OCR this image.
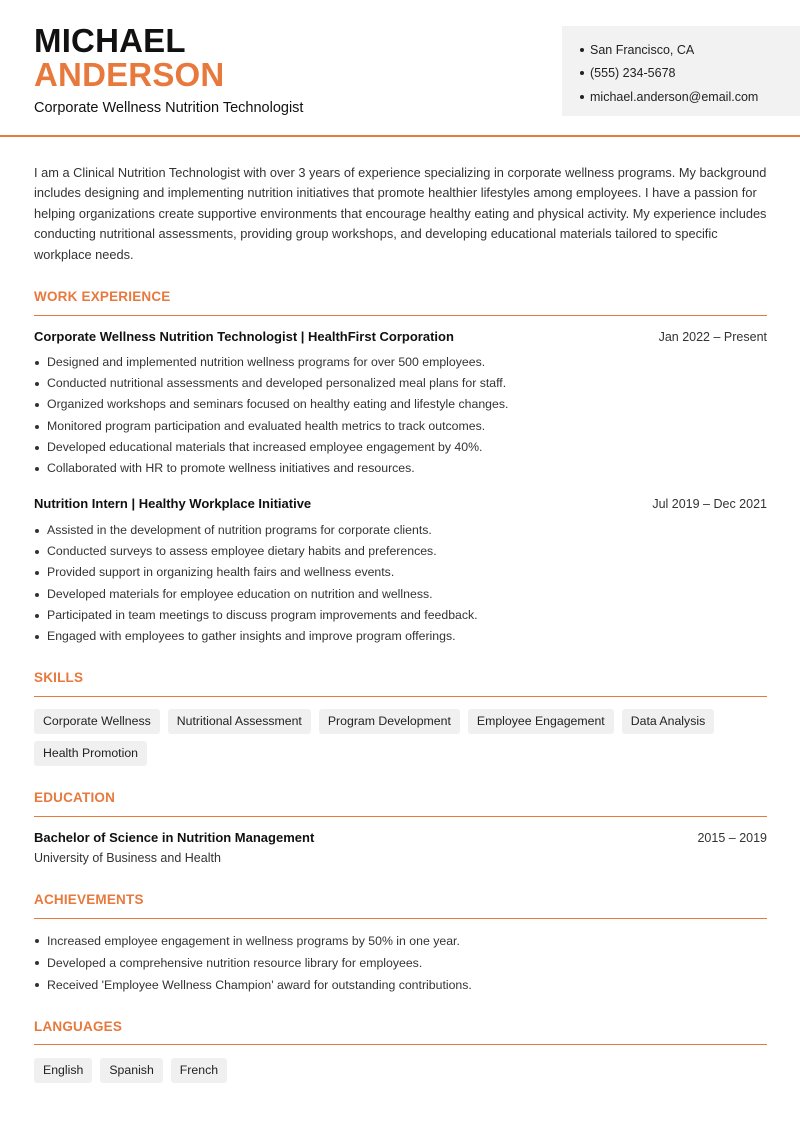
MICHAEL
ANDERSON
Corporate Wellness Nutrition Technologist
San Francisco, CA
(555) 234-5678
michael.anderson@email.com

I am a Clinical Nutrition Technologist with over 3 years of experience specializing in corporate wellness programs. My background includes designing and implementing nutrition initiatives that promote healthier lifestyles among employees. I have a passion for helping organizations create supportive environments that encourage healthy eating and physical activity. My experience includes conducting nutritional assessments, providing group workshops, and developing educational materials tailored to specific workplace needs.

WORK EXPERIENCE
Corporate Wellness Nutrition Technologist | HealthFirst Corporation	Jan 2022 – Present
Designed and implemented nutrition wellness programs for over 500 employees.
Conducted nutritional assessments and developed personalized meal plans for staff.
Organized workshops and seminars focused on healthy eating and lifestyle changes.
Monitored program participation and evaluated health metrics to track outcomes.
Developed educational materials that increased employee engagement by 40%.
Collaborated with HR to promote wellness initiatives and resources.
Nutrition Intern | Healthy Workplace Initiative	Jul 2019 – Dec 2021
Assisted in the development of nutrition programs for corporate clients.
Conducted surveys to assess employee dietary habits and preferences.
Provided support in organizing health fairs and wellness events.
Developed materials for employee education on nutrition and wellness.
Participated in team meetings to discuss program improvements and feedback.
Engaged with employees to gather insights and improve program offerings.
SKILLS
Corporate Wellness	Nutritional Assessment	Program Development	Employee Engagement	Data Analysis
Health Promotion
EDUCATION
Bachelor of Science in Nutrition Management	2015 – 2019
University of Business and Health
ACHIEVEMENTS
Increased employee engagement in wellness programs by 50% in one year.
Developed a comprehensive nutrition resource library for employees.
Received 'Employee Wellness Champion' award for outstanding contributions.
LANGUAGES
English	Spanish	French
